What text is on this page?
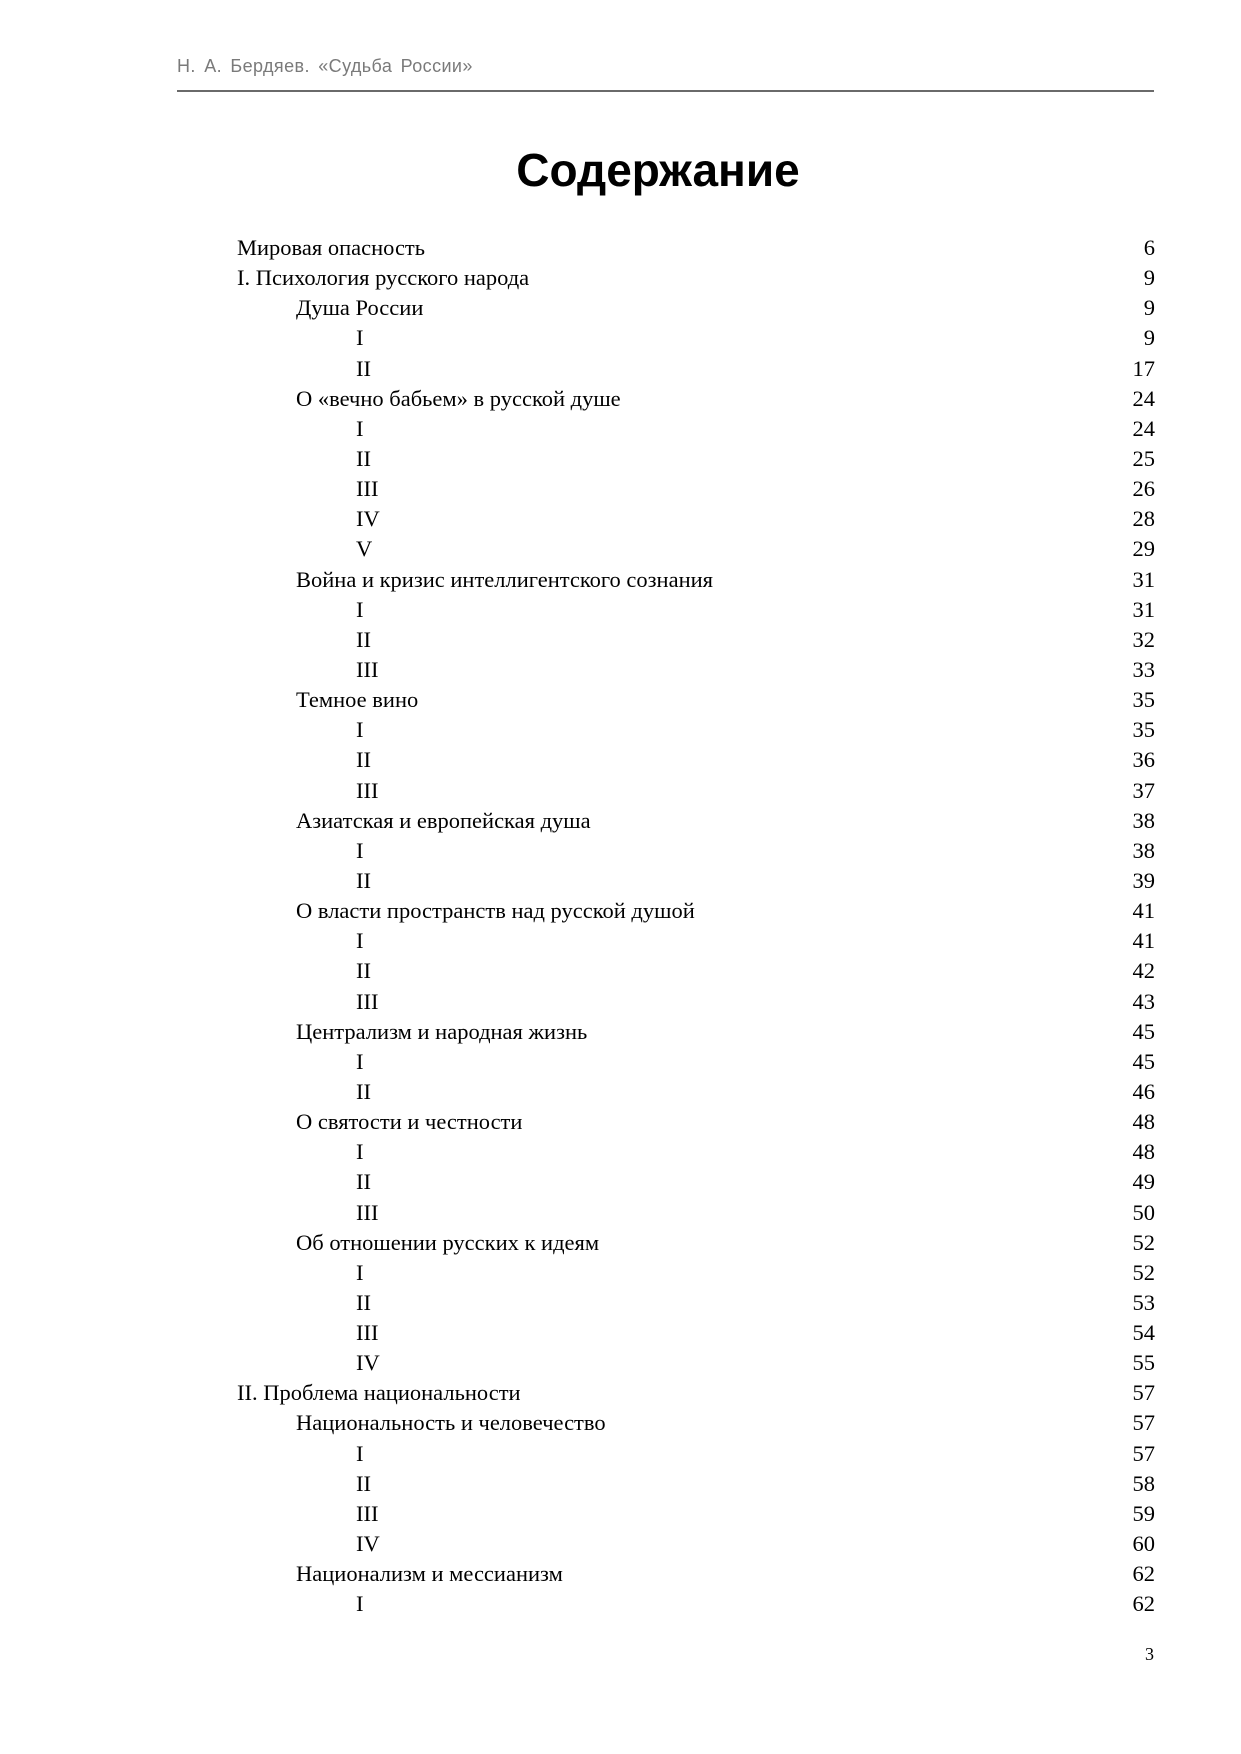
Н. А. Бердяев. «Судьба России»
Содержание
Мировая опасность	6
I. Психология русского народа	9
Душа России	9
I	9
II	17
О «вечно бабьем» в русской душе	24
I	24
II	25
III	26
IV	28
V	29
Война и кризис интеллигентского сознания	31
I	31
II	32
III	33
Темное вино	35
I	35
II	36
III	37
Азиатская и европейская душа	38
I	38
II	39
О власти пространств над русской душой	41
I	41
II	42
III	43
Централизм и народная жизнь	45
I	45
II	46
О святости и честности	48
I	48
II	49
III	50
Об отношении русских к идеям	52
I	52
II	53
III	54
IV	55
II. Проблема национальности	57
Национальность и человечество	57
I	57
II	58
III	59
IV	60
Национализм и мессианизм	62
I	62
3
